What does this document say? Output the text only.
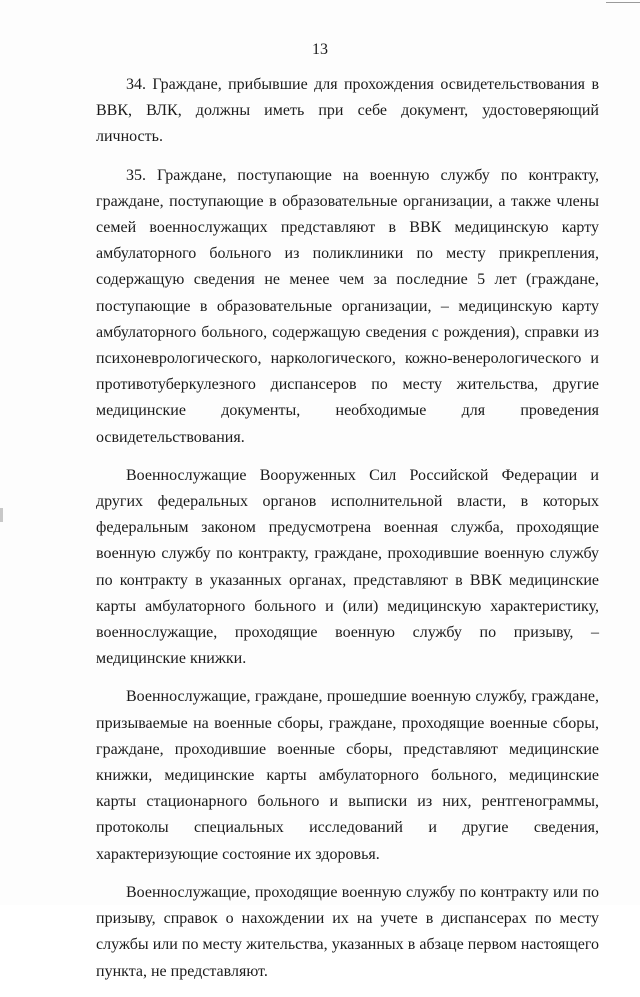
13

34. Граждане, прибывшие для прохождения освидетельствования в ВВК, ВЛК, должны иметь при себе документ, удостоверяющий личность.

35. Граждане, поступающие на военную службу по контракту, граждане, поступающие в образовательные организации, а также члены семей военнослужащих представляют в ВВК медицинскую карту амбулаторного больного из поликлиники по месту прикрепления, содержащую сведения не менее чем за последние 5 лет (граждане, поступающие в образовательные организации, – медицинскую карту амбулаторного больного, содержащую сведения с рождения), справки из психоневрологического, наркологического, кожно-венерологического и противотуберкулезного диспансеров по месту жительства, другие медицинские документы, необходимые для проведения освидетельствования.

Военнослужащие Вооруженных Сил Российской Федерации и других федеральных органов исполнительной власти, в которых федеральным законом предусмотрена военная служба, проходящие военную службу по контракту, граждане, проходившие военную службу по контракту в указанных органах, представляют в ВВК медицинские карты амбулаторного больного и (или) медицинскую характеристику, военнослужащие, проходящие военную службу по призыву, – медицинские книжки.

Военнослужащие, граждане, прошедшие военную службу, граждане, призываемые на военные сборы, граждане, проходящие военные сборы, граждане, проходившие военные сборы, представляют медицинские книжки, медицинские карты амбулаторного больного, медицинские карты стационарного больного и выписки из них, рентгенограммы, протоколы специальных исследований и другие сведения, характеризующие состояние их здоровья.

Военнослужащие, проходящие военную службу по контракту или по призыву, справок о нахождении их на учете в диспансерах по месту службы или по месту жительства, указанных в абзаце первом настоящего пункта, не представляют.
